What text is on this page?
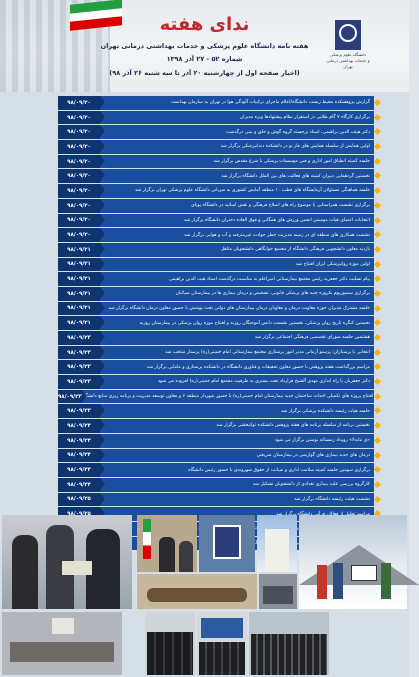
ندای هفته
هفته نامه دانشگاه علوم پزشکی و خدمات بهداشتی درمانی تهران
شماره ۵۲ - ۲۷ آذر ۱۳۹۸
(اخبار صفحه اول از چهارشنبه ۲۰ آذر تا سه شنبه ۲۶ آذر ۹۸)
دانشگاه علوم پزشکی
و خدمات بهداشتی درمانی
تهران
۹۸/۰۹/۲۰	گزارش پژوهشکده محیط زیست دانشگاه/اعلام ماجرای ترکیبات آلودگی هوا در تهران به سازمان بهداشت
۹۸/۰۹/۲۰	برگزاری کارگاه ۷ گام طلایی در استقرار نظام پیشنهادها ویژه مدیران
۹۸/۰۹/۲۰	دکتر هیئت الدین براهیمی، استاد برجسته گروه گوش و حلق و بینی درگذشت
۹۸/۰۹/۲۰	اولین همایش از سلسله همایش های فاز نو در دانشکده دندانپزشکی برگزار شد
۹۸/۰۹/۲۰	جلسه کمیته انطباق امور اداری و فنی موسسات پزشکی با شرع مقدس برگزار شد
۹۸/۰۹/۲۰	نخستین گردهمایی دبیران کمیته های فعالیت های بین الملل دانشگاه برگزار شد
۹۸/۰۹/۲۰	جلسه هماهنگی مسئولان آزمایشگاه های قطب ۱۰ منطقه آمایش کشوری به میزبانی دانشگاه علوم پزشکی تهران برگزار شد
۹۸/۰۹/۲۰	برگزاری نشست همراستایی با موضوع راه های اصلاح فرهنگی و نقش اساتید در دانشگاه پویای
۹۸/۰۹/۲۰	انتخابات اعضای هیات موسس انجمن ورزش های همگانی و فوق العاده دختران دانشگاه برگزار شد
۹۸/۰۹/۲۰	نشست همکاری های منطقه ای در زمینه مدیریت خطر حوادث غیرمترقبه و آب و هوایی برگزار شد
۹۸/۰۹/۲۱	بازدید معاون دانشجویی فرهنگی دانشگاه از مجتمع خوابگاهی دانشجویان متاهل
۹۸/۰۹/۲۱	اولین موزه روانپزشکی ایران افتتاح شد
۹۸/۰۹/۲۱	پیام تسلیت دکتر جعفریه رئیس مجتمع بیمارستانی امیراعلم به مناسبت درگذشت استاد هیت الدین براهیمی
۹۸/۰۹/۲۱	برگزاری سمپوزیوم یکروزه جنبه های پزشکی قانونی، تشخیص و درمان بیماری ها در بیمارستان ضیائیان
۹۸/۰۹/۲۱	جلسه مشترک مدیران حوزه معاونت درمان و معاونان درمان بیمارستان های دولتی تحت پوشش با حضور معاون درمان دانشگاه برگزار شد
۹۸/۰۹/۲۱	نخستین کنگره تاریخ روان پزشکی، نخستین نشست دانش آموختگان روزبه و افتتاح موزه روان پزشکی در بیمارستان روزبه
۹۸/۰۹/۲۳	هشتمین جلسه شورای تخصصی فرهنگی اجتماعی برگزار شد
۹۸/۰۹/۲۳	انتخابی با پرستاران؛ پرستو آرمانی مدیر امور پرستاری مجتمع بیمارستانی امام خمینی(ره) پرستار منتخب شد
۹۸/۰۹/۲۳	مراسم بزرگداشت هفته پژوهش با حضور معاون تحقیقات و فناوری دانشگاه در دانشکده پرستاری و مامایی برگزار شد
۹۸/۰۹/۲۳	دکتر جعفریان با راه اندازی مهدی آلشیخ قرارداد تحت بستری به ظرفیت مجتمع امام خمینی(ره) افزوده می شود
۹۸/۰۹/۲۳ افتتاح پروژه های تکمیلی احداث ساختمان جدید بیمارستان امام خمینی(ره) با حضور شهردار منطقه ۶ و معاون توسعه مدیریت و برنامه ریزی منابع دانشگاه
۹۸/۰۹/۲۳	جلسه هیات رئیسه دانشکده پزشکی برگزار شد
۹۸/۰۹/۲۴	نخستین برنامه از سلسله برنامه های هفته پژوهش دانشکده توانبخشی برگزار شد
۹۸/۰۹/۲۴	«ی ماندلا» رویداد زمستانه بوستن برگزار می شود
۹۸/۰۹/۲۴	درمان های جدید بیماری های گوارشی در بیمارستان شریعتی
۹۸/۰۹/۲۴	برگزاری سومین جلسه کمیته سلامت اداری و صیانت از حقوق شهروندی با حضور رئیس دانشگاه
۹۸/۰۹/۲۴	کارگروه بررسی علت بیماری تعدادی از دانشجویان تشکیل شد
۹۸/۰۹/۲۵	نشست هیئت رئیسه دانشگاه برگزار شد
